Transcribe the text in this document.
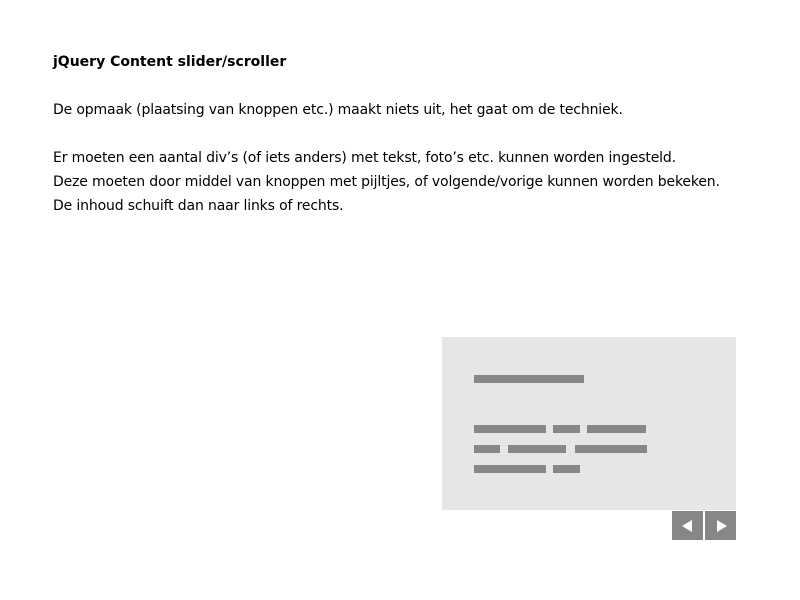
jQuery Content slider/scroller
De opmaak (plaatsing van knoppen etc.) maakt niets uit, het gaat om de techniek.
Er moeten een aantal div’s (of iets anders) met tekst, foto’s etc. kunnen worden ingesteld.
Deze moeten door middel van knoppen met pijltjes, of volgende/vorige kunnen worden bekeken.
De inhoud schuift dan naar links of rechts.
